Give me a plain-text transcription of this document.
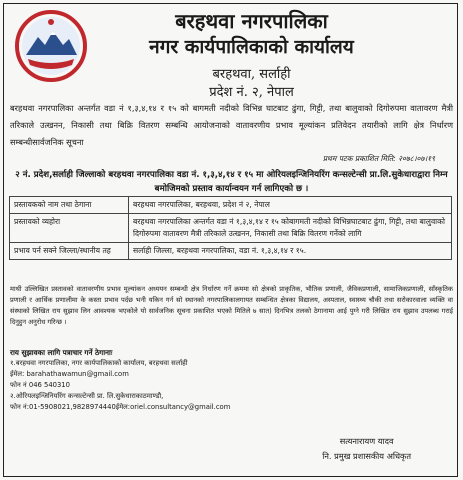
बरहथवा नगरपालिका
नगर कार्यपालिकाको कार्यालय
बरहथवा, सर्लाही
प्रदेश नं. २, नेपाल
बरहथवा नगरपालिका अन्तर्गत वडा नं १,३,४,१४ र १५ को बागमती नदीको विभिन्न घाटबाट ढुंगा, गिट्टी, तथा बालुवाको दिगोरुपमा वातावरण मैत्री तरिकाले उत्खनन, निकासी तथा बिक्रि वितरण सम्बन्धि आयोजनाको वातावरणीय प्रभाव मूल्यांकन प्रतिवेदन तयारीको लागि क्षेत्र निर्धारण सम्बन्धीसार्वजनिक सूचना
प्रथम पटक प्रकाशित मिति: २०७८।०७।१९
२ नं. प्रदेश,सर्लाही जिल्लाको बरहथवा नगरपालिका वडा नं. १,३,४,१४ र १५ मा ओरियलइन्जिनियरिंग कन्सल्टेन्सी प्रा.लि.सुकेधाराद्वारा निम्न बमोजिमको प्रस्ताव कार्यान्वयन गर्न लागिएको छ ।
प्रस्तावकको नाम तथा ठेगाना	बरहथवा नगरपालिका, बरहथवा, प्रदेश नं २, नेपाल
प्रस्तावको व्यहोरा	बरहथवा नगरपालिका अन्तर्गत वडा नं १,३,४,१४ र १५ कोबागमती नदीको विभिन्नघाटबाट ढुंगा, गिट्टी, तथा बालुवाको दिगोरुपमा वातावरण मैत्री तरिकाले उत्खनन, निकासी तथा बिक्रि वितरण गर्नेको लागि
प्रभाव पर्न सक्ने जिल्ला/स्थानीय तह	सर्लाही जिल्ला, बरहथवा नगरपालिका, वडा नं. १,३,४,१४ र १५.
माथी उल्लिखित प्रस्तावको वातावरणीय प्रभाव मूल्यांकन अध्ययन सम्बन्धी क्षेत्र निर्धारण गर्ने क्रममा सो क्षेत्रको प्राकृतिक, भौतिक प्रणाली, जैविकप्रणाली, सामाजिकप्रणाली, साँस्कृतिक प्रणाली र आर्थिक प्रणालीमा के कस्ता प्रभाव पर्दछ भनी यकिन गर्न सो स्थानको नगरपालिकालगायत सम्बन्धित क्षेत्रका विद्यालय, अस्पताल, स्वास्थ्य चौकी तथा सरोकारवाला व्यक्ति वा संस्थाको लिखित राय सुझाव लिन आवश्यक भएकोले यो सार्वजनिक सूचना प्रकाशित भएको मितिले ७ सात) दिनभित्र तलको ठेगानामा आई पुग्ने गरी लिखित राय सुझाव उपलब्ध गराई दिनुहुन अनुरोध गरिन्छ ।
राय सुझावका लागि पत्राचार गर्ने ठेगानाः
१.बरहथवा नगरपालिका, नगर कार्यपालिकाको कार्यालय, बरहथवा सर्लाही
ईमेल: barahathawamun@gmail.com
फोन नं 046 540310
२.ओरियलइन्जिनियरिंग कन्सल्टेन्सी प्रा. लि.सुकेधाराकाठमाण्डौ,
फोन नं:01-5908021,9828974440ईमेल:oriel.consultancy@gmail.com
सत्यनारायण यादव
नि. प्रमुख प्रशासकीय अधिकृत
